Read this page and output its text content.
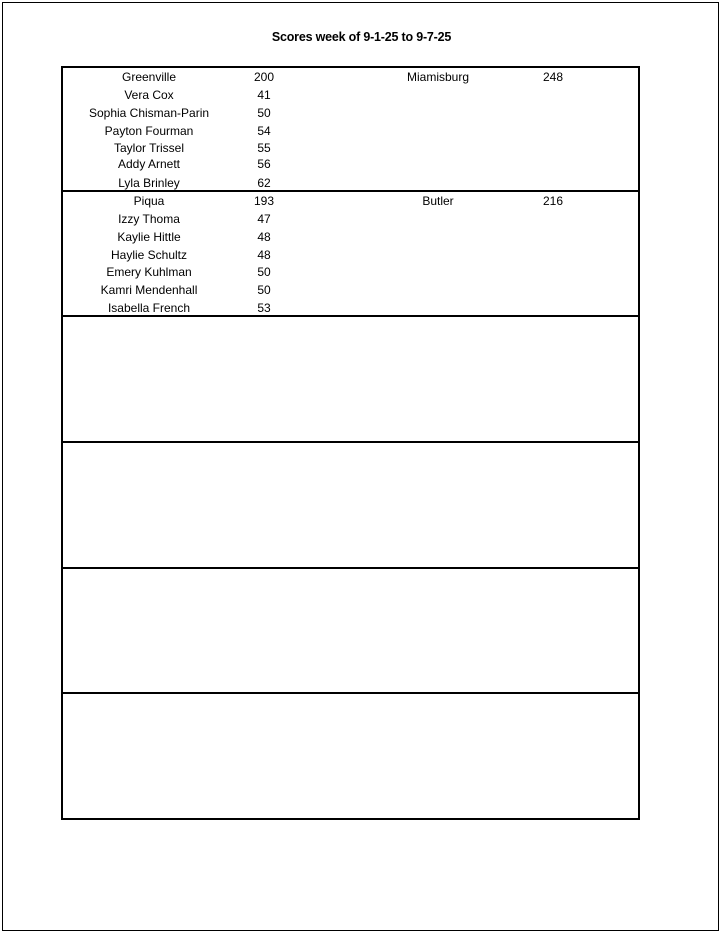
Scores week of 9-1-25 to 9-7-25
Greenville	200	Miamisburg	248
Vera Cox	41
Sophia Chisman-Parin	50
Payton Fourman	54
Taylor Trissel	55
Addy Arnett	56
Lyla Brinley	62
Piqua	193	Butler	216
Izzy Thoma	47
Kaylie Hittle	48
Haylie Schultz	48
Emery Kuhlman	50
Kamri Mendenhall	50
Isabella French	53
